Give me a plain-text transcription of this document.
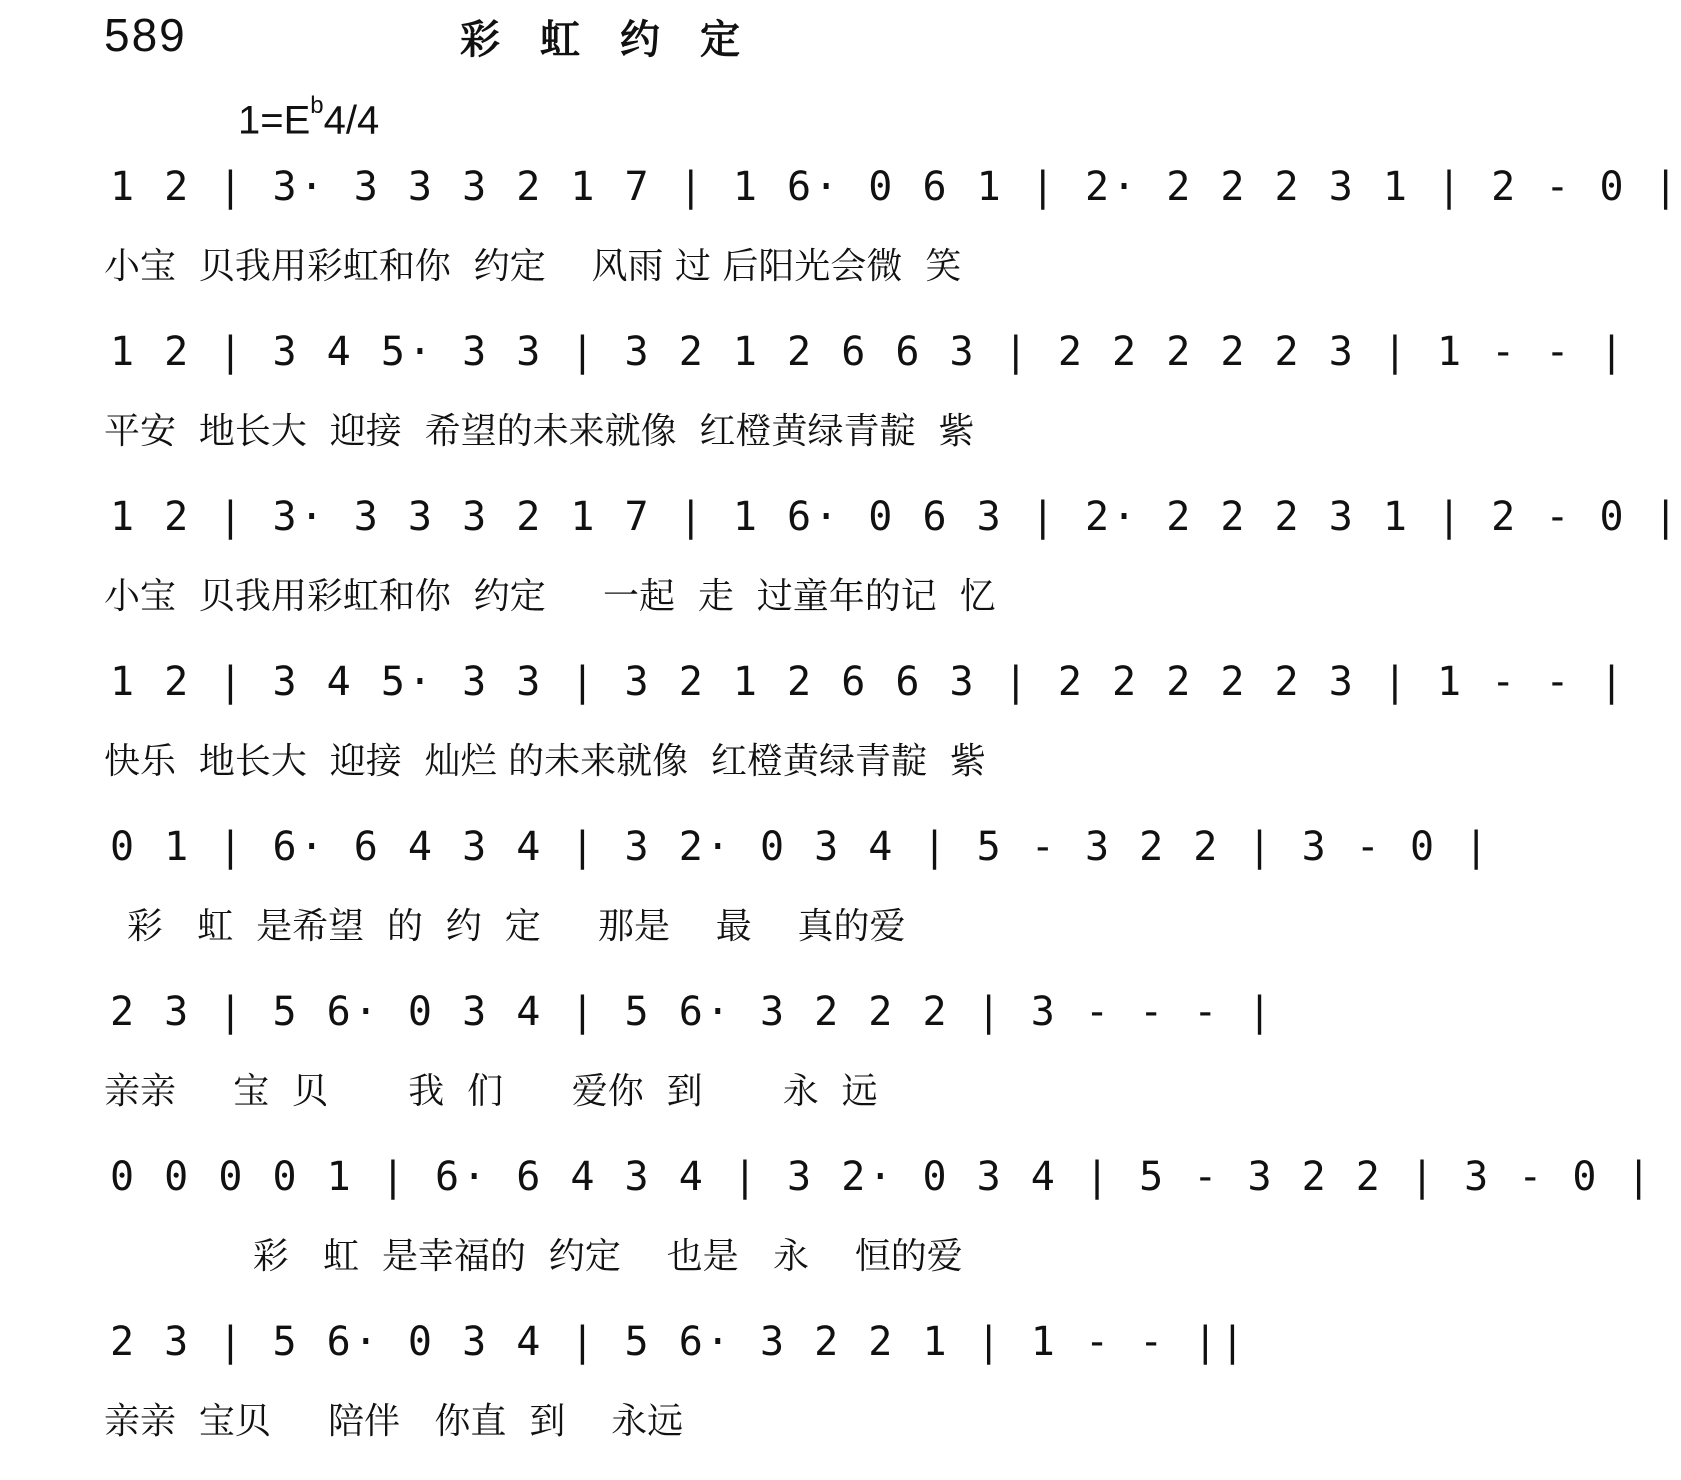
589	彩虹约定
$1=E^b4/4$
1 2 | 3· 3 3 3 2 1 7 | 1 6· 0 6 1 | 2· 2 2 2 3 1 | 2 - 0 |
小宝  贝我用彩虹和你  约定    风雨 过 后阳光会微  笑
1 2 | 3 4 5· 3 3 | 3 2 1 2 6 6 3 | 2 2 2 2 2 3 | 1 - - |
平安  地长大  迎接  希望的未来就像  红橙黄绿青靛  紫
1 2 | 3· 3 3 3 2 1 7 | 1 6· 0 6 3 | 2· 2 2 2 3 1 | 2 - 0 |
小宝  贝我用彩虹和你  约定     一起  走  过童年的记  忆
1 2 | 3 4 5· 3 3 | 3 2 1 2 6 6 3 | 2 2 2 2 2 3 | 1 - - |
快乐  地长大  迎接  灿烂 的未来就像  红橙黄绿青靛  紫
0 1 | 6· 6 4 3 4 | 3 2· 0 3 4 | 5 - 3 2 2 | 3 - 0 |
彩   虹  是希望  的  约  定     那是    最    真的爱
2 3 | 5 6· 0 3 4 | 5 6· 3 2 2 2 | 3 - - - |
亲亲     宝  贝       我  们      爱你  到       永  远
0 0 0 0 1 | 6· 6 4 3 4 | 3 2· 0 3 4 | 5 - 3 2 2 | 3 - 0 |
彩   虹  是幸福的  约定    也是   永    恒的爱
2 3 | 5 6· 0 3 4 | 5 6· 3 2 2 1 | 1 - - ||
亲亲  宝贝     陪伴   你直  到    永远
